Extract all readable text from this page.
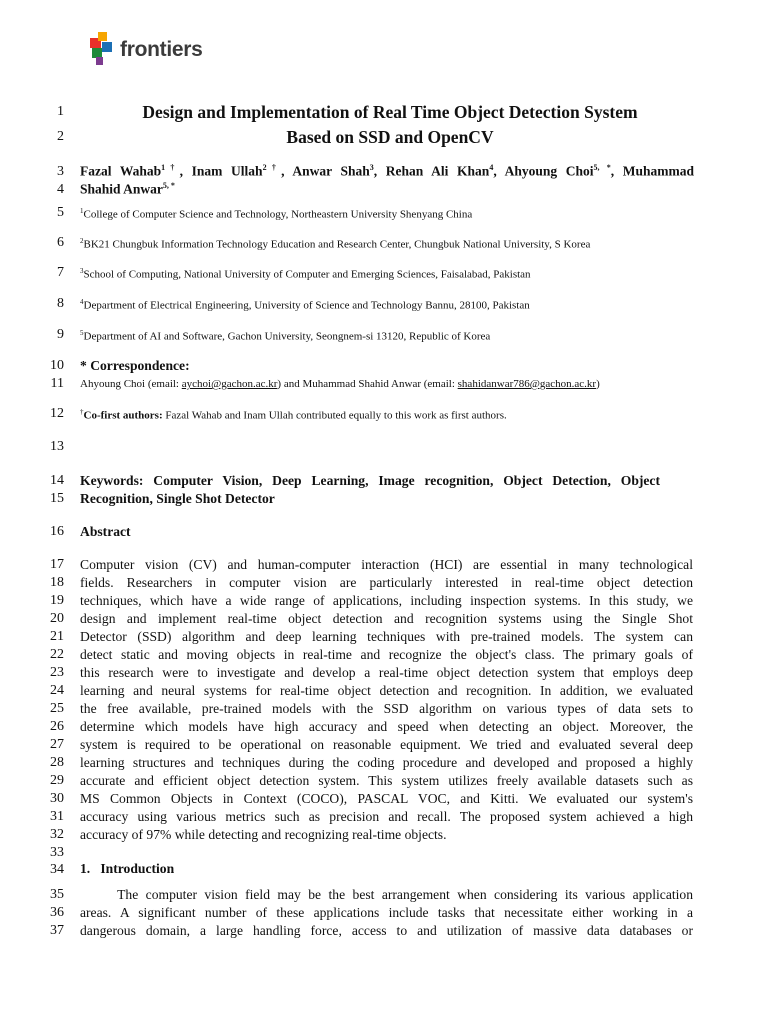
frontiers
1
2
3
4
5
6
7
8
9
10
11
12
13
14
15
16
17
18
19
20
21
22
23
24
25
26
27
28
29
30
31
32
33
34
35
36
37
Design and Implementation of Real Time Object Detection System
Based on SSD and OpenCV
Fazal Wahab$^{1\dagger}$, Inam Ullah$^{2\dagger}$, Anwar Shah$^3$, Rehan Ali Khan$^4$, Ahyoung Choi$^{5, *}$, Muhammad
Shahid Anwar$^{5, *}$
$^1$College of Computer Science and Technology, Northeastern University Shenyang China
$^2$BK21 Chungbuk Information Technology Education and Research Center, Chungbuk National University, S Korea
$^3$School of Computing, National University of Computer and Emerging Sciences, Faisalabad, Pakistan
$^4$Department of Electrical Engineering, University of Science and Technology Bannu, 28100, Pakistan
$^5$Department of AI and Software, Gachon University, Seongnem-si 13120, Republic of Korea
* Correspondence:
Ahyoung Choi (email: aychoi@gachon.ac.kr) and Muhammad Shahid Anwar (email: shahidanwar786@gachon.ac.kr)
†Co-first authors: Fazal Wahab and Inam Ullah contributed equally to this work as first authors.
Keywords: Computer Vision, Deep Learning, Image recognition, Object Detection, Object
Recognition, Single Shot Detector
Abstract
Computer vision (CV) and human-computer interaction (HCI) are essential in many technological
fields. Researchers in computer vision are particularly interested in real-time object detection
techniques, which have a wide range of applications, including inspection systems. In this study, we
design and implement real-time object detection and recognition systems using the Single Shot
Detector (SSD) algorithm and deep learning techniques with pre-trained models. The system can
detect static and moving objects in real-time and recognize the object's class. The primary goals of
this research were to investigate and develop a real-time object detection system that employs deep
learning and neural systems for real-time object detection and recognition. In addition, we evaluated
the free available, pre-trained models with the SSD algorithm on various types of data sets to
determine which models have high accuracy and speed when detecting an object. Moreover, the
system is required to be operational on reasonable equipment. We tried and evaluated several deep
learning structures and techniques during the coding procedure and developed and proposed a highly
accurate and efficient object detection system. This system utilizes freely available datasets such as
MS Common Objects in Context (COCO), PASCAL VOC, and Kitti. We evaluated our system's
accuracy using various metrics such as precision and recall. The proposed system achieved a high
accuracy of 97% while detecting and recognizing real-time objects.
1.   Introduction
The computer vision field may be the best arrangement when considering its various application
areas. A significant number of these applications include tasks that necessitate either working in a
dangerous domain, a large handling force, access to and utilization of massive data databases or
